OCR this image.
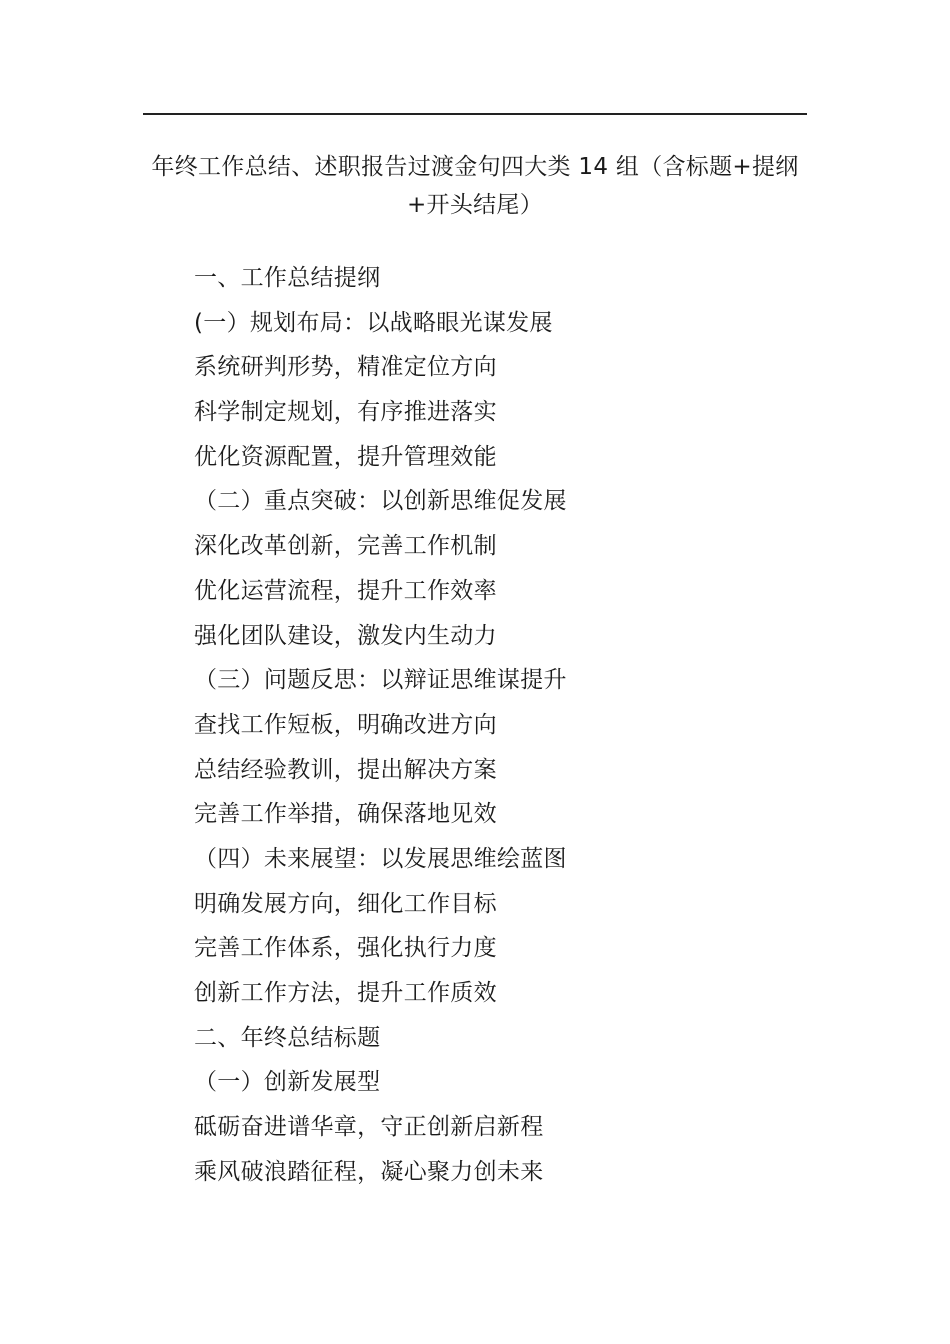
年终工作总结、述职报告过渡金句四大类 14 组（含标题+提纲
+开头结尾）
一、工作总结提纲
(一）规划布局：以战略眼光谋发展
系统研判形势，精准定位方向
科学制定规划，有序推进落实
优化资源配置，提升管理效能
（二）重点突破：以创新思维促发展
深化改革创新，完善工作机制
优化运营流程，提升工作效率
强化团队建设，激发内生动力
（三）问题反思：以辩证思维谋提升
查找工作短板，明确改进方向
总结经验教训，提出解决方案
完善工作举措，确保落地见效
（四）未来展望：以发展思维绘蓝图
明确发展方向，细化工作目标
完善工作体系，强化执行力度
创新工作方法，提升工作质效
二、年终总结标题
（一）创新发展型
砥砺奋进谱华章，守正创新启新程
乘风破浪踏征程，凝心聚力创未来
